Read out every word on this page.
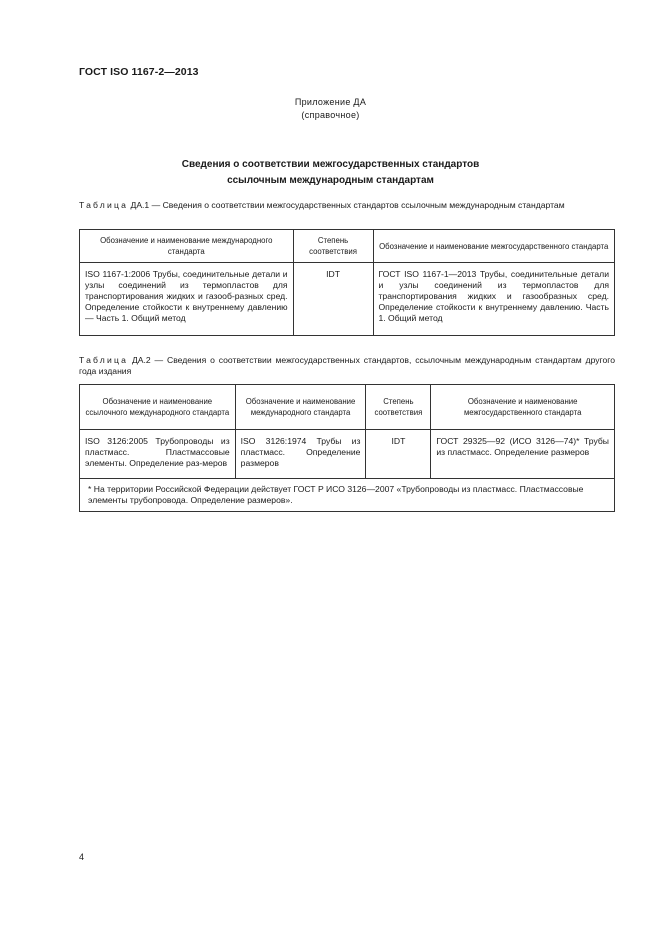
ГОСТ ISO 1167-2—2013
Приложение ДА
(справочное)
Сведения о соответствии межгосударственных стандартов
ссылочным международным стандартам
Таблица ДА.1 — Сведения о соответствии межгосударственных стандартов ссылочным международным стандартам
Обозначение и наименование международного стандарта	Степень соответствия	Обозначение и наименование межгосударственного стандарта
ISO 1167-1:2006 Трубы, соединительные детали и узлы соединений из термопластов для транспортирования жидких и газооб-разных сред. Определение стойкости к внутреннему давлению — Часть 1. Общий метод	IDT	ГОСТ ISO 1167-1—2013 Трубы, соединительные детали и узлы соединений из термопластов для транспортирования жидких и газообразных сред. Определение стойкости к внутреннему давлению. Часть 1. Общий метод
Таблица ДА.2 — Сведения о соответствии межгосударственных стандартов, ссылочным международным стандартам другого года издания
Обозначение и наименование ссылочного международного стандарта	Обозначение и наименование международного стандарта	Степень соответствия	Обозначение и наименование межгосударственного стандарта
ISO 3126:2005 Трубопроводы из пластмасс. Пластмассовые элементы. Определение раз-меров	ISO 3126:1974 Трубы из пластмасс. Определение размеров	IDT	ГОСТ 29325—92 (ИСО 3126—74)* Трубы из пластмасс. Определение размеров
* На территории Российской Федерации действует ГОСТ Р ИСО 3126—2007 «Трубопроводы из пластмасс. Пластмассовые элементы трубопровода. Определение размеров».			
4
